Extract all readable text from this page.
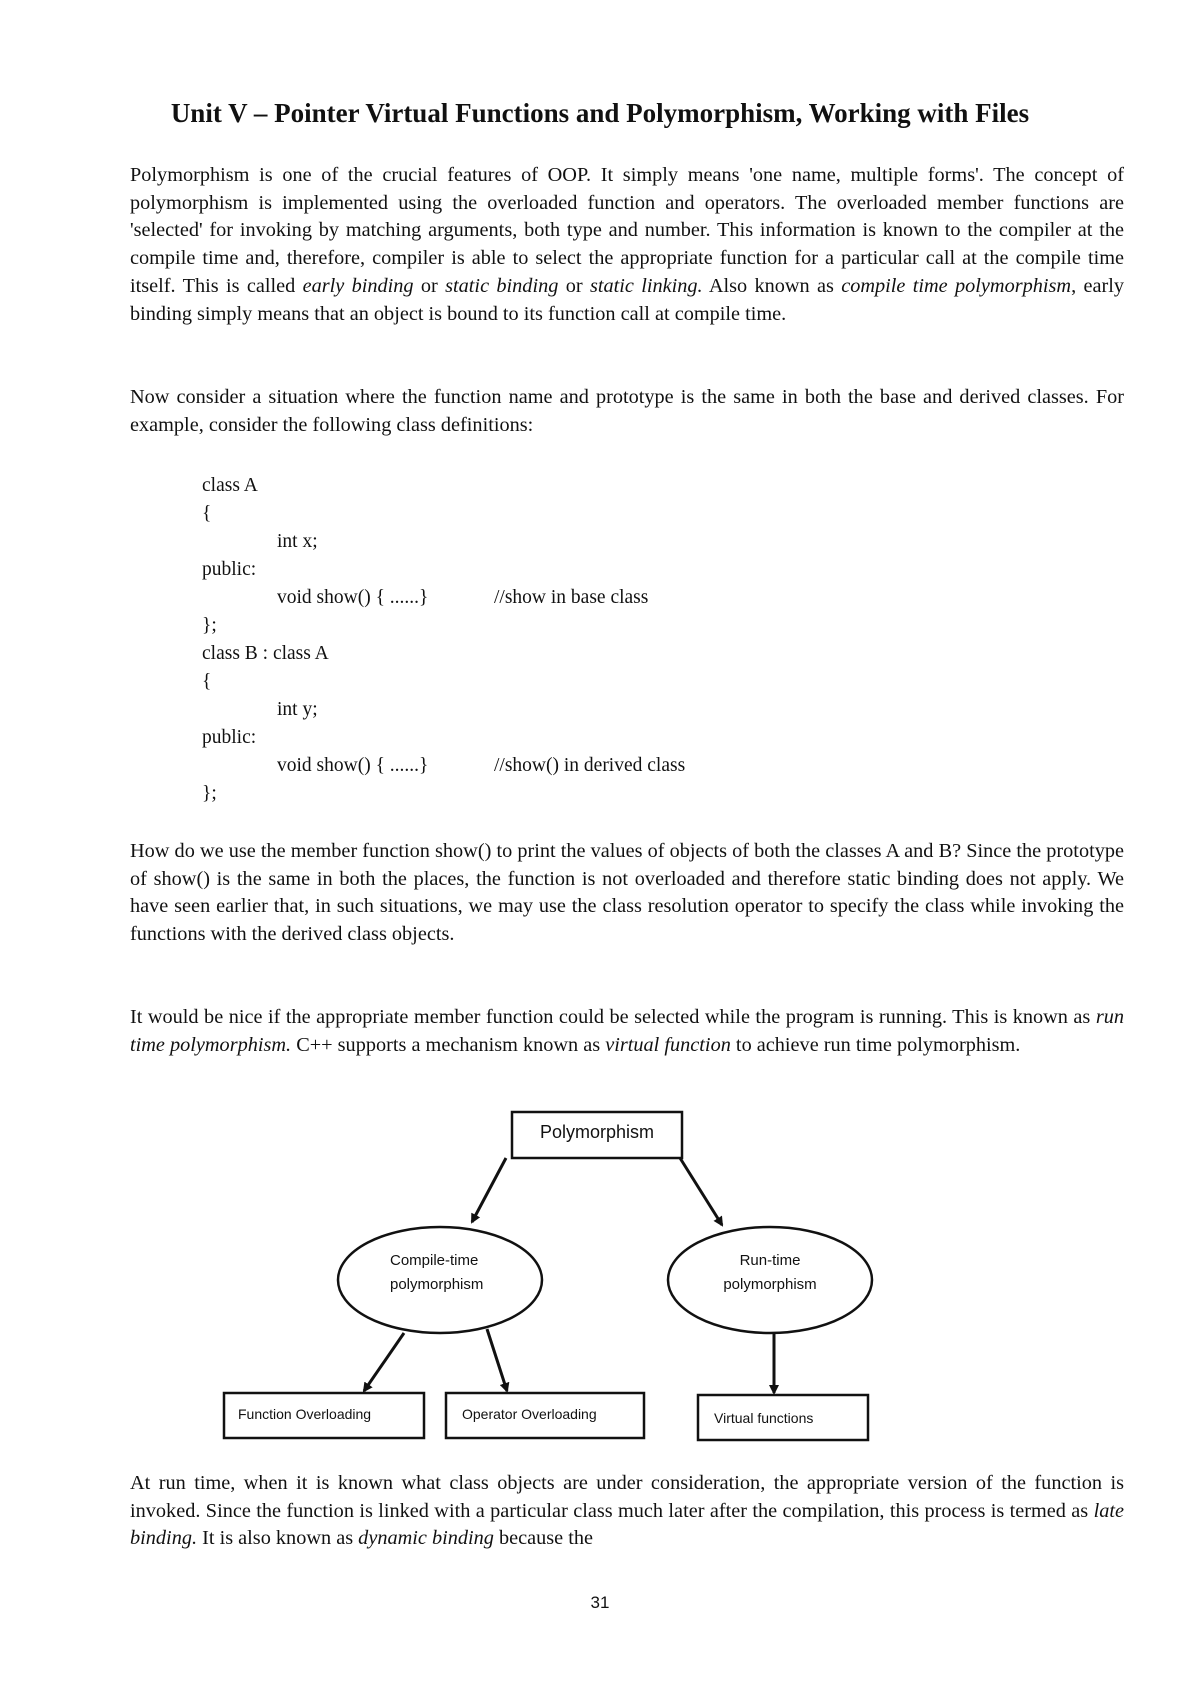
Unit V – Pointer Virtual Functions and Polymorphism, Working with Files

Polymorphism is one of the crucial features of OOP. It simply means 'one name, multiple forms'. The concept of polymorphism is implemented using the overloaded function and operators. The overloaded member functions are 'selected' for invoking by matching arguments, both type and number. This information is known to the compiler at the compile time and, therefore, compiler is able to select the appropriate function for a particular call at the compile time itself. This is called early binding or static binding or static linking. Also known as compile time polymorphism, early binding simply means that an object is bound to its function call at compile time.

Now consider a situation where the function name and prototype is the same in both the base and derived classes. For example, consider the following class definitions:

class A
{
int x;
public:
void show() { ......}	//show in base class
};
class B : class A
{
int y;
public:
void show() { ......}	//show() in derived class
};

How do we use the member function show() to print the values of objects of both the classes A and B? Since the prototype of show() is the same in both the places, the function is not overloaded and therefore static binding does not apply. We have seen earlier that, in such situations, we may use the class resolution operator to specify the class while invoking the functions with the derived class objects.

It would be nice if the appropriate member function could be selected while the program is running. This is known as run time polymorphism. C++ supports a mechanism known as virtual function to achieve run time polymorphism.

Polymorphism
Compile-time
polymorphism
Run-time
polymorphism
Function Overloading	Operator Overloading	Virtual functions

At run time, when it is known what class objects are under consideration, the appropriate version of the function is invoked. Since the function is linked with a particular class much later after the compilation, this process is termed as late binding. It is also known as dynamic binding because the

31
